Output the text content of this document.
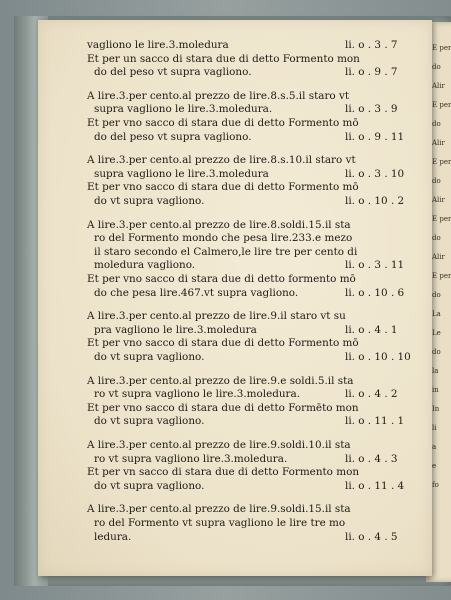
E per
do
Alir
E per
do
Alir
E per
do
Alir
E per
do
Alir
E per
do
La
Le
do
la
in
In
li
a
e
fo
vagliono le lire.3.moledura	li. o . 3 . 7
Et per un sacco di stara due di detto Formento mon
do del peso vt supra vagliono.	li. o . 9 . 7
A lire.3.per cento.al prezzo de lire.8.s.5.il staro vt
supra vagliono le lire.3.moledura.	li. o . 3 . 9
Et per vno sacco di stara due di detto Formento mō
do del peso vt supra vagliono.	li. o . 9 . 11
A lire.3.per cento.al prezzo de lire.8.s.10.il staro vt
supra vagliono le lire.3.moledura	li. o . 3 . 10
Et per vno sacco di stara due di detto Formento mō
do vt supra vagliono.	li. o . 10 . 2
A lire.3.per cento.al prezzo de lire.8.soldi.15.il sta
ro del Formento mondo che pesa lire.233.e mezo
il staro secondo el Calmero,le lire tre per cento di
moledura vagliono.	li. o . 3 . 11
Et per vno sacco di stara due di detto formento mō
do che pesa lire.467.vt supra vagliono.	li. o . 10 . 6
A lire.3.per cento.al prezzo de lire.9.il staro vt su
pra vagliono le lire.3.moledura	li. o . 4 . 1
Et per vno sacco di stara due di detto Formento mō
do vt supra vagliono.	li. o . 10 . 10
A lire.3.per cento.al prezzo de lire.9.e soldi.5.il sta
ro vt supra vagliono le lire.3.moledura.	li. o . 4 . 2
Et per vno sacco di stara due di detto Formēto mon
do vt supra vagliono.	li. o . 11 . 1
A lire.3.per cento.al prezzo de lire.9.soldi.10.il sta
ro vt supra vagliono lire.3.moledura.	li. o . 4 . 3
Et per vn sacco di stara due di detto Formento mon
do vt supra vagliono.	li. o . 11 . 4
A lire.3.per cento.al prezzo de lire.9.soldi.15.il sta
ro del Formento vt supra vagliono le lire tre mo
ledura.	li. o . 4 . 5
